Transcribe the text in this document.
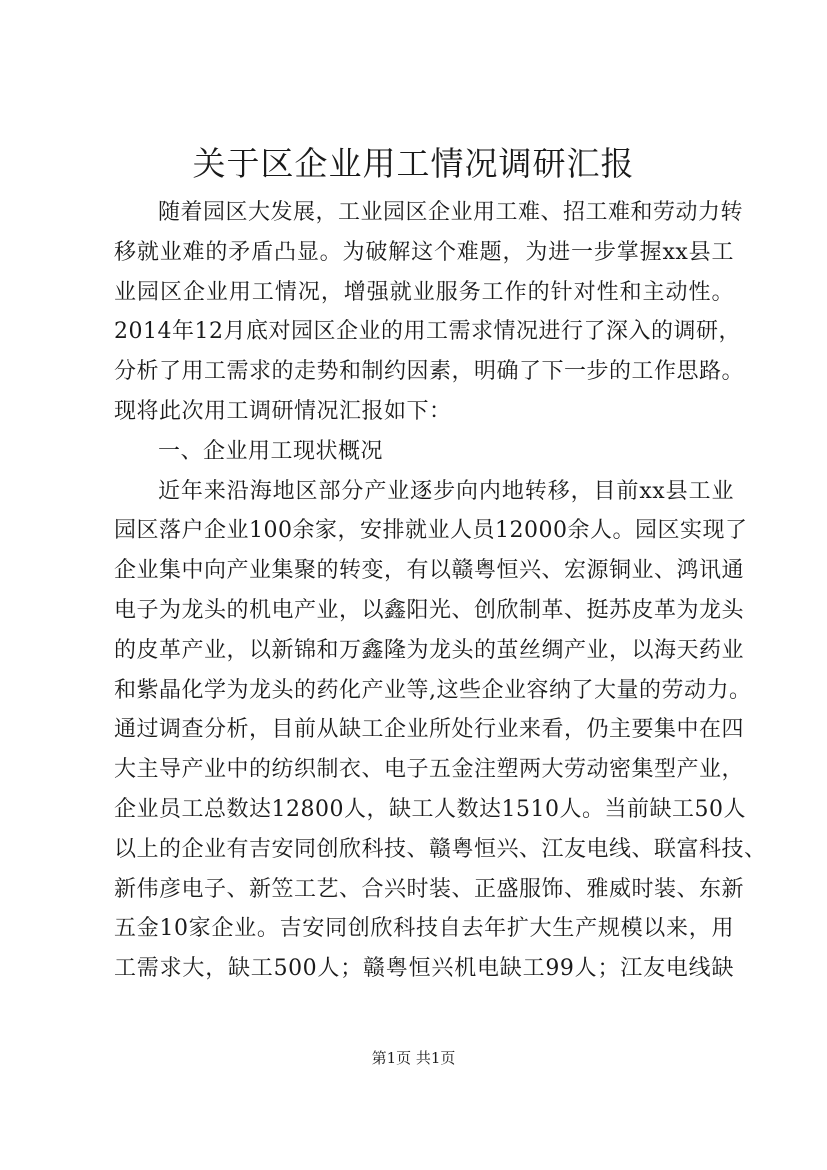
关于区企业用工情况调研汇报
随着园区大发展，工业园区企业用工难、招工难和劳动力转
移就业难的矛盾凸显。为破解这个难题，为进一步掌握xx县工
业园区企业用工情况，增强就业服务工作的针对性和主动性。
2014年12月底对园区企业的用工需求情况进行了深入的调研，
分析了用工需求的走势和制约因素，明确了下一步的工作思路。
现将此次用工调研情况汇报如下：
一、企业用工现状概况
近年来沿海地区部分产业逐步向内地转移，目前xx县工业
园区落户企业100余家，安排就业人员12000余人。园区实现了
企业集中向产业集聚的转变，有以赣粤恒兴、宏源铜业、鸿讯通
电子为龙头的机电产业，以鑫阳光、创欣制革、挺苏皮革为龙头
的皮革产业，以新锦和万鑫隆为龙头的茧丝绸产业，以海天药业
和紫晶化学为龙头的药化产业等,这些企业容纳了大量的劳动力。
通过调查分析，目前从缺工企业所处行业来看，仍主要集中在四
大主导产业中的纺织制衣、电子五金注塑两大劳动密集型产业，
企业员工总数达12800人，缺工人数达1510人。当前缺工50人
以上的企业有吉安同创欣科技、赣粤恒兴、江友电线、联富科技、
新伟彦电子、新笠工艺、合兴时装、正盛服饰、雅威时装、东新
五金10家企业。吉安同创欣科技自去年扩大生产规模以来，用
工需求大，缺工500人；赣粤恒兴机电缺工99人；江友电线缺
第1页 共1页
